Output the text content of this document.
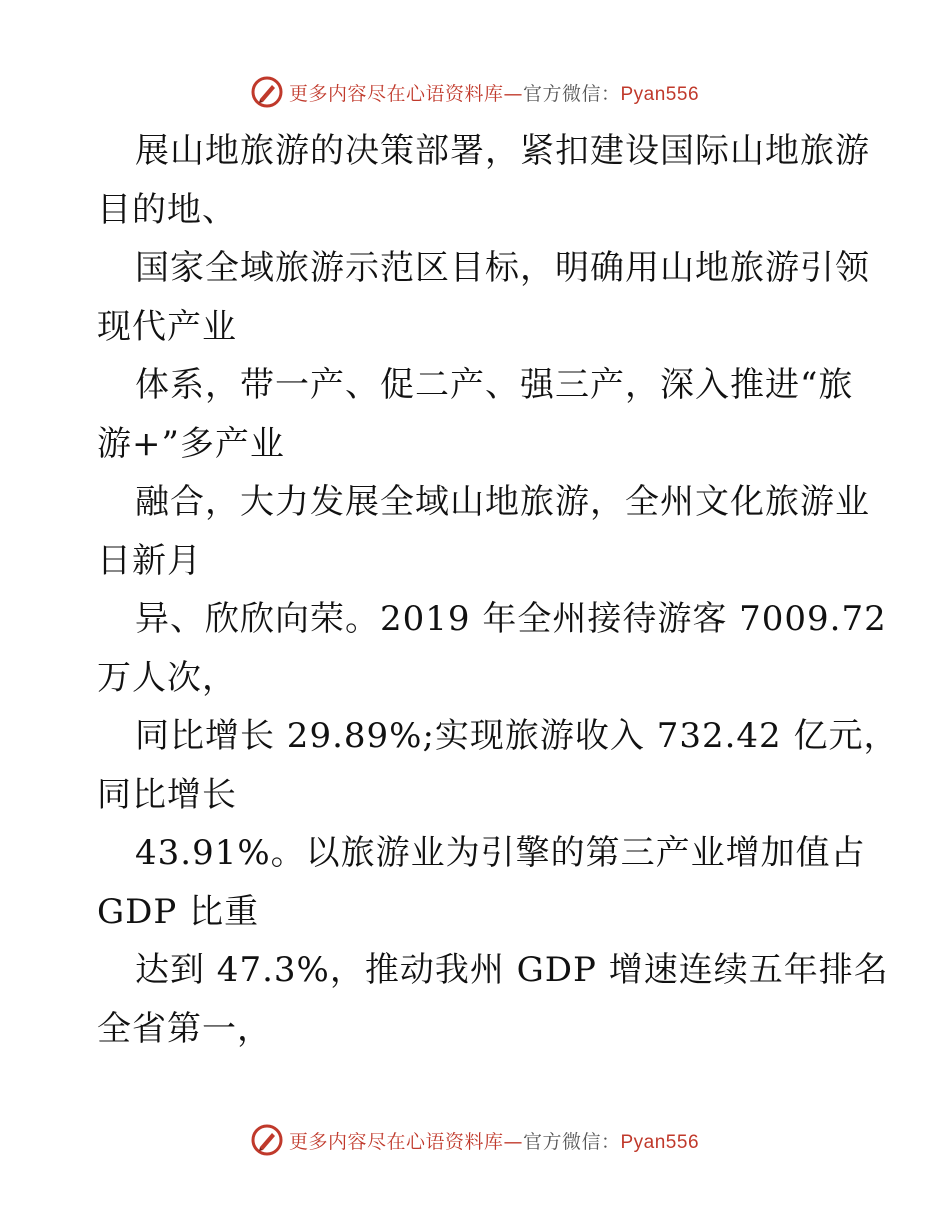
更多内容尽在心语资料库—官方微信：Pyan556
展山地旅游的决策部署，紧扣建设国际山地旅游
目的地、
国家全域旅游示范区目标，明确用山地旅游引领
现代产业
体系，带一产、促二产、强三产，深入推进“旅
游+”多产业
融合，大力发展全域山地旅游，全州文化旅游业
日新月
异、欣欣向荣。2019 年全州接待游客 7009.72
万人次，
同比增长 29.89%;实现旅游收入 732.42 亿元，
同比增长
43.91%。以旅游业为引擎的第三产业增加值占
GDP 比重
达到 47.3%，推动我州 GDP 增速连续五年排名
全省第一，
更多内容尽在心语资料库—官方微信：Pyan556
